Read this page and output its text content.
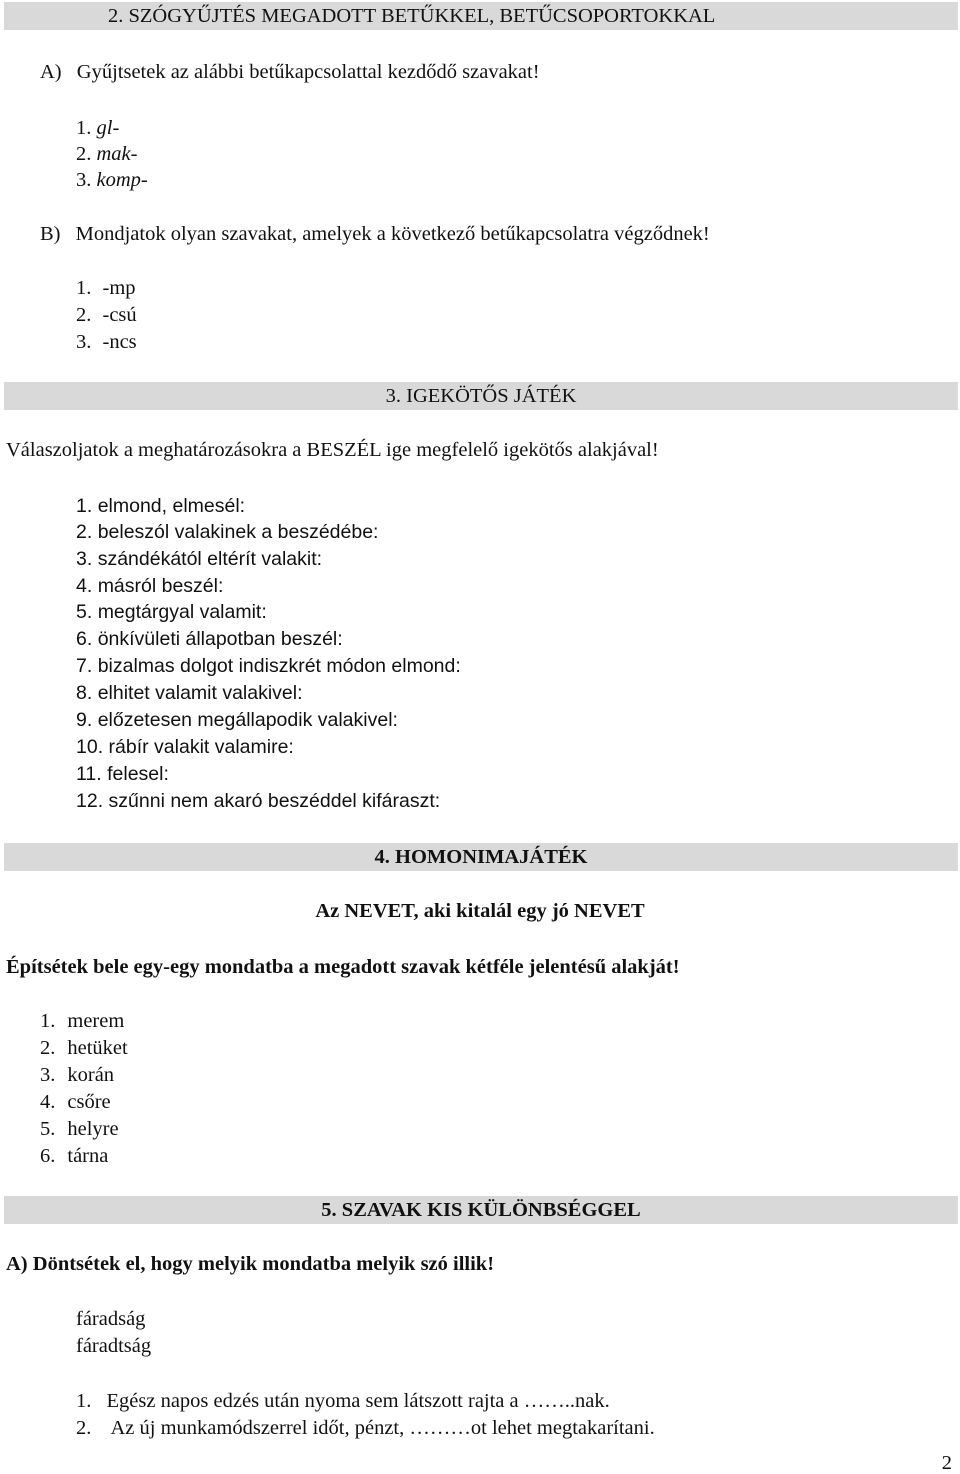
2. SZÓGYŰJTÉS MEGADOTT BETŰKKEL, BETŰCSOPORTOKKAL
A) Gyűjtsetek az alábbi betűkapcsolattal kezdődő szavakat!
1. gl-
2. mak-
3. komp-
B) Mondjatok olyan szavakat, amelyek a következő betűkapcsolatra végződnek!
1. -mp
2. -csú
3. -ncs
3. IGEKÖTŐS JÁTÉK
Válaszoljatok a meghatározásokra a BESZÉL ige megfelelő igekötős alakjával!
1. elmond, elmesél:
2. beleszól valakinek a beszédébe:
3. szándékától eltérít valakit:
4. másról beszél:
5. megtárgyal valamit:
6. önkívületi állapotban beszél:
7. bizalmas dolgot indiszkrét módon elmond:
8. elhitet valamit valakivel:
9. előzetesen megállapodik valakivel:
10. rábír valakit valamire:
11. felesel:
12. szűnni nem akaró beszéddel kifáraszt:
4. HOMONIMAJÁTÉK
Az NEVET, aki kitalál egy jó NEVET
Építsétek bele egy-egy mondatba a megadott szavak kétféle jelentésű alakját!
1. merem
2. hetüket
3. korán
4. csőre
5. helyre
6. tárna
5. SZAVAK KIS KÜLÖNBSÉGGEL
A) Döntsétek el, hogy melyik mondatba melyik szó illik!
fáradság
fáradtság
1. Egész napos edzés után nyoma sem látszott rajta a ……..nak.
2. Az új munkamódszerrel időt, pénzt, ………ot lehet megtakarítani.
2
